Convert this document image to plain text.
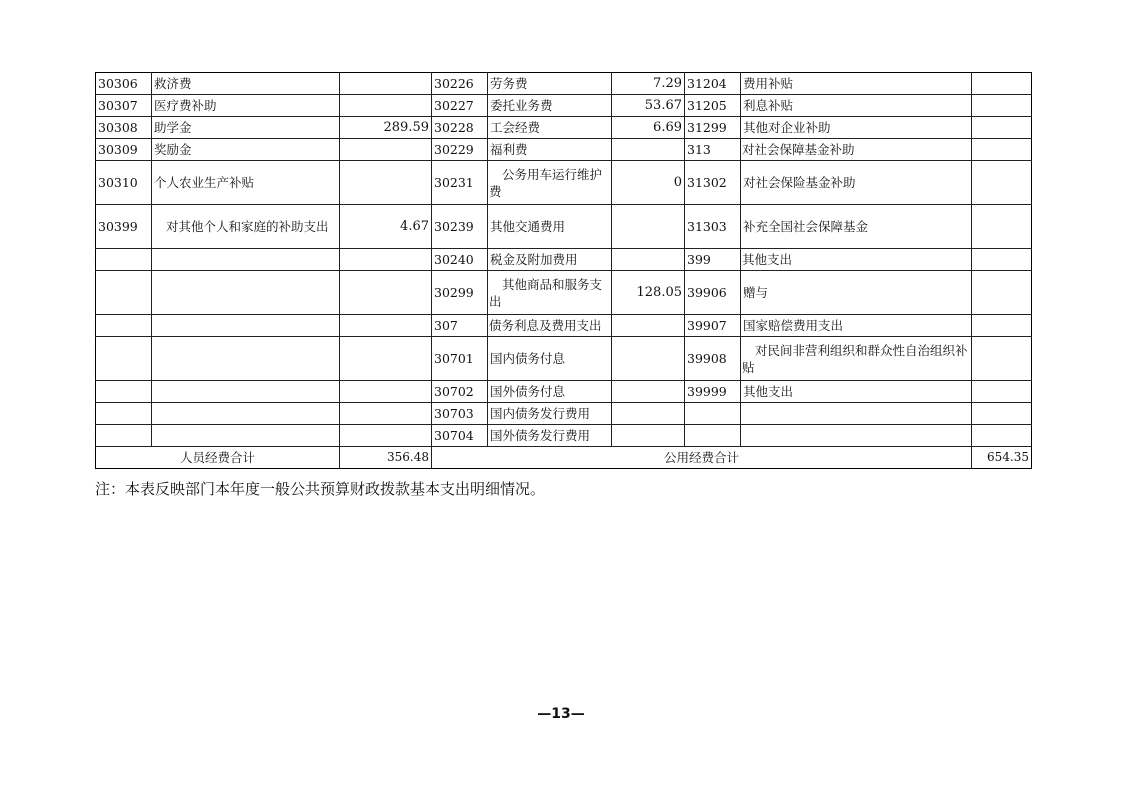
30306	救济费		30226	劳务费	7.29	31204	费用补贴	
30307	医疗费补助		30227	委托业务费	53.67	31205	利息补贴	
30308	助学金	289.59	30228	工会经费	6.69	31299	其他对企业补助	
30309	奖励金		30229	福利费		313	对社会保障基金补助	
30310	个人农业生产补贴		30231	公务用车运行维护费	0	31302	对社会保险基金补助	
30399	对其他个人和家庭的补助支出	4.67	30239	其他交通费用		31303	补充全国社会保障基金	
			30240	税金及附加费用		399	其他支出	
			30299	其他商品和服务支出	128.05	39906	赠与	
			307	债务利息及费用支出		39907	国家赔偿费用支出	
			30701	国内债务付息		39908	对民间非营利组织和群众性自治组织补贴	
			30702	国外债务付息		39999	其他支出	
			30703	国内债务发行费用				
			30704	国外债务发行费用				
人员经费合计		356.48	公用经费合计					654.35
注：本表反映部门本年度一般公共预算财政拨款基本支出明细情况。
—13—
